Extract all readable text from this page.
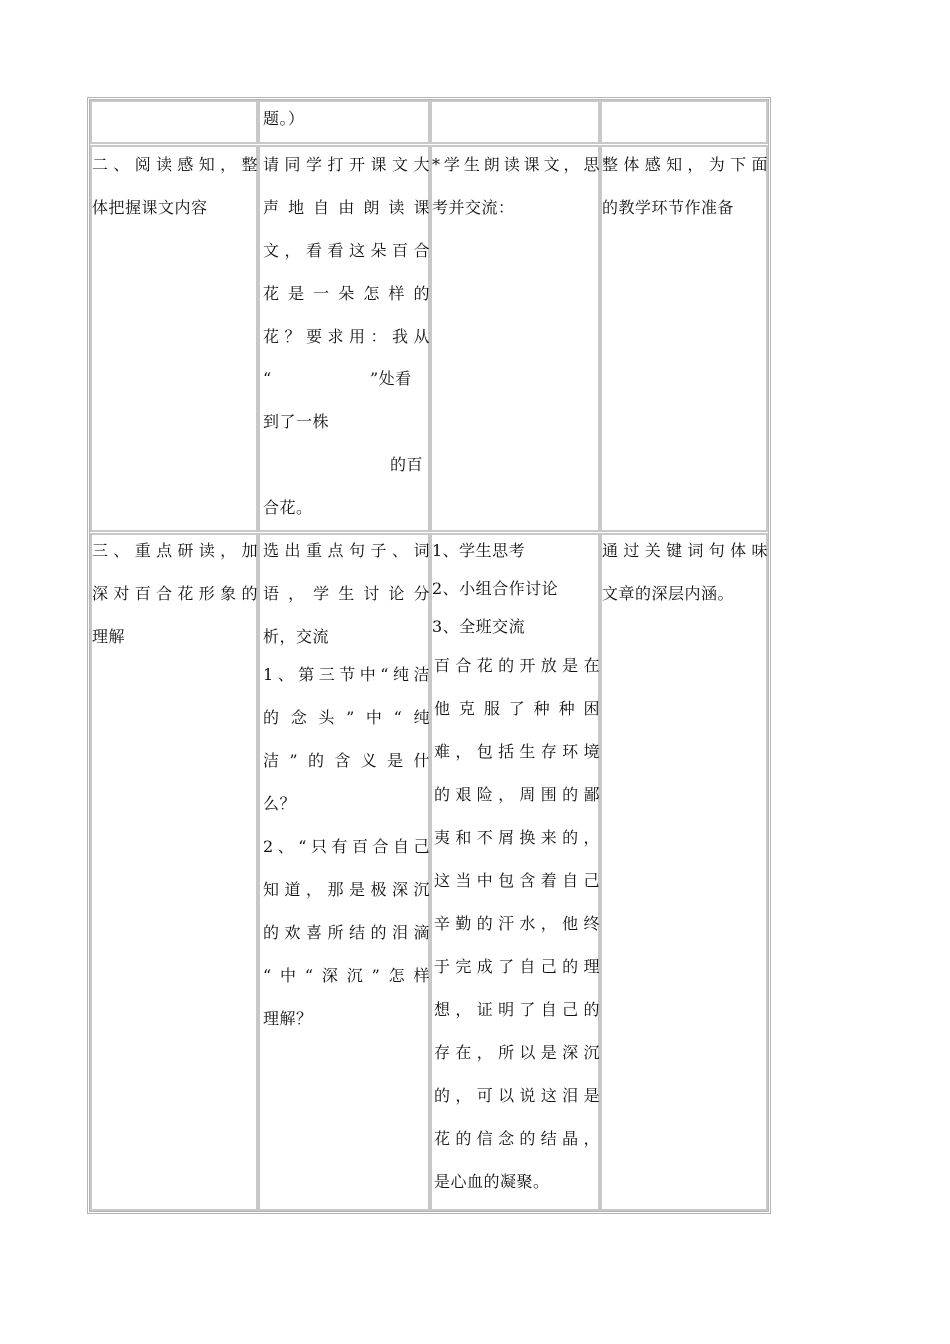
题。）
二、阅读感知，整
体把握课文内容
请同学打开课文大
声地自由朗读课
文，看看这朵百合
花是一朵怎样的
花？要求用：我从
“	”处看
到了一株
的百
合花。
*学生朗读课文，思
考并交流：
整体感知，为下面
的教学环节作准备
三、重点研读，加
深对百合花形象的
理解
选出重点句子、词
语，学生讨论分
析，交流
1、第三节中“纯洁
的念头”中“纯
洁”的含义是什
么？
2、“只有百合自己
知道，那是极深沉
的欢喜所结的泪滴
“中“深沉”怎样
理解？
1、学生思考
2、小组合作讨论
3、全班交流
百合花的开放是在
他克服了种种困
难，包括生存环境
的艰险，周围的鄙
夷和不屑换来的，
这当中包含着自己
辛勤的汗水，他终
于完成了自己的理
想，证明了自己的
存在，所以是深沉
的，可以说这泪是
花的信念的结晶，
是心血的凝聚。
通过关键词句体味
文章的深层内涵。
